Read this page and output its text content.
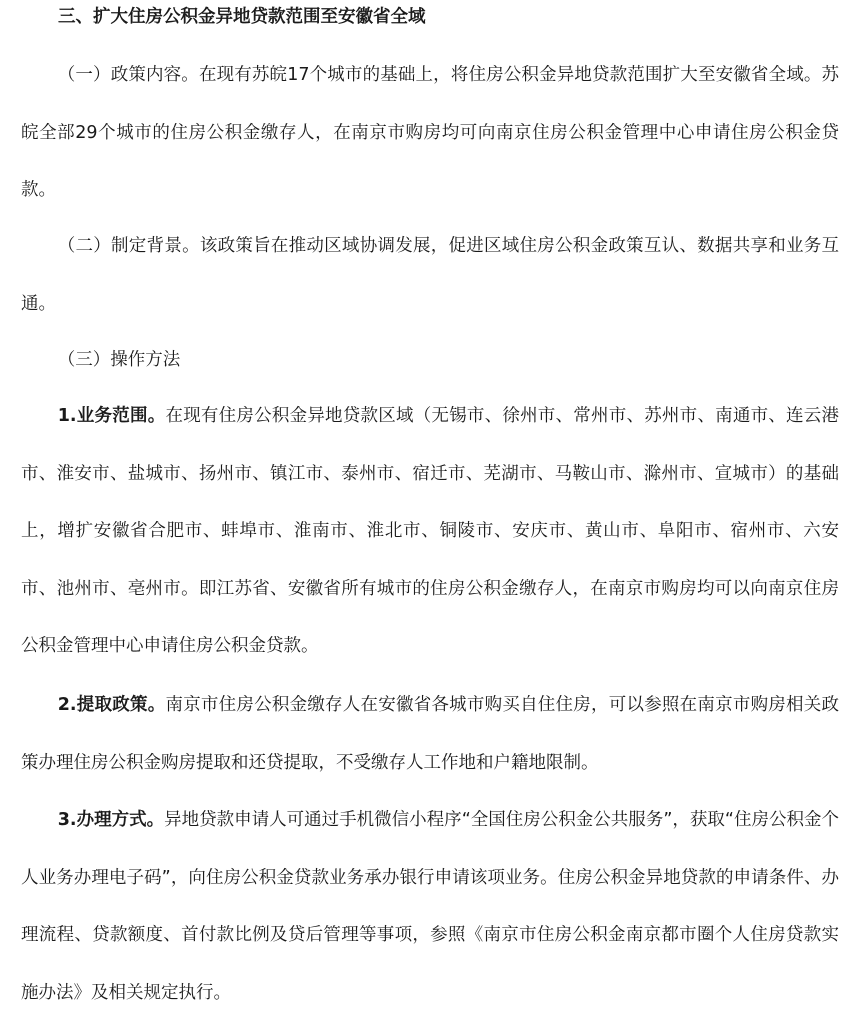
三、扩大住房公积金异地贷款范围至安徽省全域

（一）政策内容。在现有苏皖17个城市的基础上，将住房公积金异地贷款范围扩大至安徽省全域。苏皖全部29个城市的住房公积金缴存人，在南京市购房均可向南京住房公积金管理中心申请住房公积金贷款。

（二）制定背景。该政策旨在推动区域协调发展，促进区域住房公积金政策互认、数据共享和业务互通。

（三）操作方法

1.业务范围。在现有住房公积金异地贷款区域（无锡市、徐州市、常州市、苏州市、南通市、连云港市、淮安市、盐城市、扬州市、镇江市、泰州市、宿迁市、芜湖市、马鞍山市、滁州市、宣城市）的基础上，增扩安徽省合肥市、蚌埠市、淮南市、淮北市、铜陵市、安庆市、黄山市、阜阳市、宿州市、六安市、池州市、亳州市。即江苏省、安徽省所有城市的住房公积金缴存人，在南京市购房均可以向南京住房公积金管理中心申请住房公积金贷款。

2.提取政策。南京市住房公积金缴存人在安徽省各城市购买自住住房，可以参照在南京市购房相关政策办理住房公积金购房提取和还贷提取，不受缴存人工作地和户籍地限制。

3.办理方式。异地贷款申请人可通过手机微信小程序“全国住房公积金公共服务”，获取“住房公积金个人业务办理电子码”，向住房公积金贷款业务承办银行申请该项业务。住房公积金异地贷款的申请条件、办理流程、贷款额度、首付款比例及贷后管理等事项，参照《南京市住房公积金南京都市圈个人住房贷款实施办法》及相关规定执行。
